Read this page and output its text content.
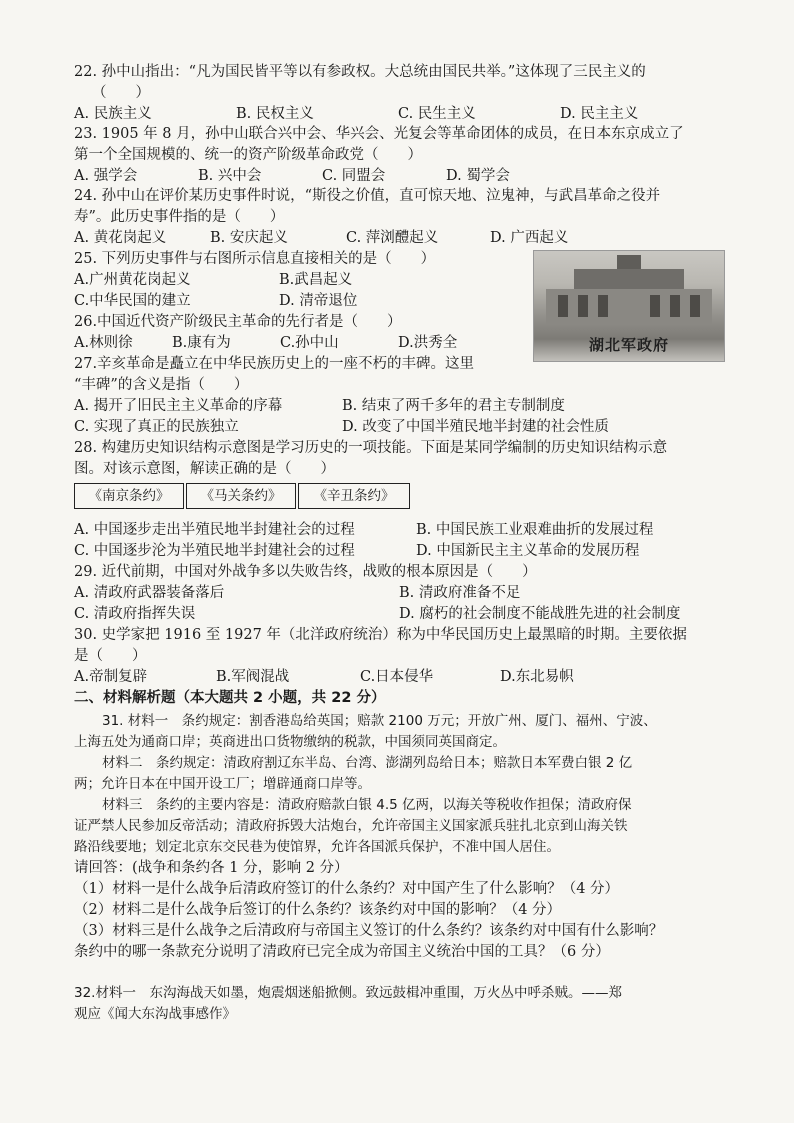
22. 孙中山指出：“凡为国民皆平等以有参政权。大总统由国民共举。”这体现了三民主义的
（　　）
A. 民族主义	B. 民权主义	C. 民生主义	D. 民主主义
23. 1905 年 8 月，孙中山联合兴中会、华兴会、光复会等革命团体的成员，在日本东京成立了
第一个全国规模的、统一的资产阶级革命政党（　　）
A. 强学会	B. 兴中会	C. 同盟会	D. 蜀学会
24. 孙中山在评价某历史事件时说，“斯役之价值，直可惊天地、泣鬼神，与武昌革命之役并
寿”。此历史事件指的是（　　）
A. 黄花岗起义	B. 安庆起义	C. 萍浏醴起义	D. 广西起义
25. 下列历史事件与右图所示信息直接相关的是（　　）
A.广州黄花岗起义	B.武昌起义
C.中华民国的建立	D. 清帝退位
湖北军政府
26.中国近代资产阶级民主革命的先行者是（　　）
A.林则徐	B.康有为	C.孙中山	D.洪秀全
27.辛亥革命是矗立在中华民族历史上的一座不朽的丰碑。这里
“丰碑”的含义是指（　　）
A. 揭开了旧民主主义革命的序幕	B. 结束了两千多年的君主专制制度
C. 实现了真正的民族独立	D. 改变了中国半殖民地半封建的社会性质
28. 构建历史知识结构示意图是学习历史的一项技能。下面是某同学编制的历史知识结构示意
图。对该示意图，解读正确的是（　　）
《南京条约》	《马关条约》	《辛丑条约》
A. 中国逐步走出半殖民地半封建社会的过程	B. 中国民族工业艰难曲折的发展过程
C. 中国逐步沦为半殖民地半封建社会的过程	D. 中国新民主主义革命的发展历程
29. 近代前期，中国对外战争多以失败告终，战败的根本原因是（　　）
A. 清政府武器装备落后	B. 清政府准备不足
C. 清政府指挥失误	D. 腐朽的社会制度不能战胜先进的社会制度
30. 史学家把 1916 至 1927 年（北洋政府统治）称为中华民国历史上最黑暗的时期。主要依据
是（　　）
A.帝制复辟	B.军阀混战	C.日本侵华	D.东北易帜
二、材料解析题（本大题共 2 小题，共 22 分）
31. 材料一　条约规定：割香港岛给英国；赔款 2100 万元；开放广州、厦门、福州、宁波、
上海五处为通商口岸；英商进出口货物缴纳的税款，中国须同英国商定。
材料二　条约规定：清政府割辽东半岛、台湾、澎湖列岛给日本；赔款日本军费白银 2 亿
两；允许日本在中国开设工厂；增辟通商口岸等。
材料三　条约的主要内容是：清政府赔款白银 4.5 亿两，以海关等税收作担保；清政府保
证严禁人民参加反帝活动；清政府拆毁大沽炮台，允许帝国主义国家派兵驻扎北京到山海关铁
路沿线要地；划定北京东交民巷为使馆界，允许各国派兵保护，不准中国人居住。
请回答：(战争和条约各 1 分，影响 2 分）
（1）材料一是什么战争后清政府签订的什么条约？对中国产生了什么影响？（4 分）
（2）材料二是什么战争后签订的什么条约？该条约对中国的影响？（4 分）
（3）材料三是什么战争之后清政府与帝国主义签订的什么条约？该条约对中国有什么影响？
条约中的哪一条款充分说明了清政府已完全成为帝国主义统治中国的工具？（6 分）
32.材料一　东沟海战天如墨，炮震烟迷船掀侧。致远鼓楫冲重围，万火丛中呼杀贼。——郑
观应《闻大东沟战事感作》
